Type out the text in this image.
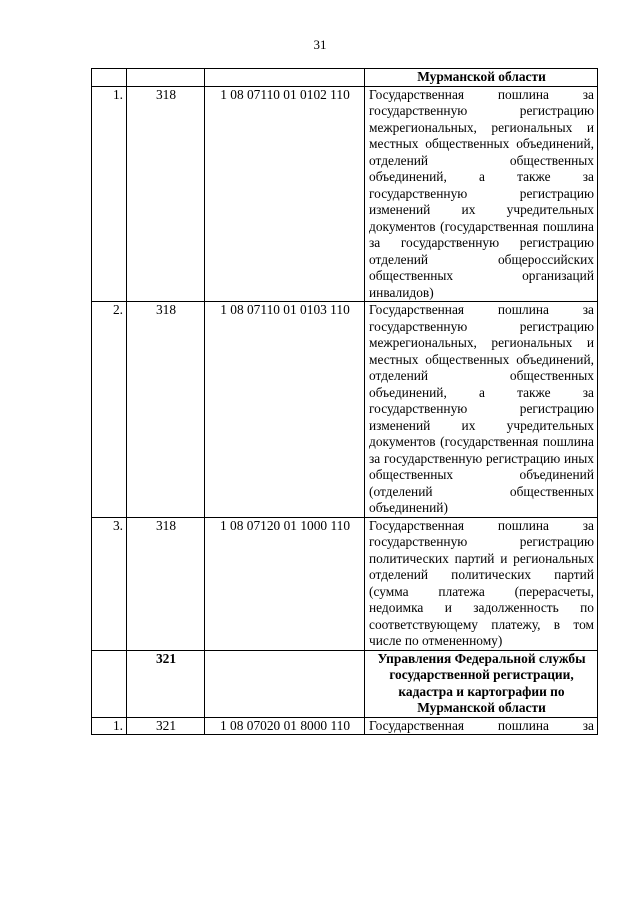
31
			Мурманской области
1.	318	1 08 07110 01 0102 110	Государственная пошлина за государственную регистрацию межрегиональных, региональных и местных общественных объединений, отделений общественных объединений, а также за государственную регистрацию изменений их учредительных документов (государственная пошлина за государственную регистрацию отделений общероссийских общественных организаций инвалидов)
2.	318	1 08 07110 01 0103 110	Государственная пошлина за государственную регистрацию межрегиональных, региональных и местных общественных объединений, отделений общественных объединений, а также за государственную регистрацию изменений их учредительных документов (государственная пошлина за государственную регистрацию иных общественных объединений (отделений общественных объединений)
3.	318	1 08 07120 01 1000 110	Государственная пошлина за государственную регистрацию политических партий и региональных отделений политических партий (сумма платежа (перерасчеты, недоимка и задолженность по соответствующему платежу, в том числе по отмененному)
	321		Управления Федеральной службы государственной регистрации, кадастра и картографии по Мурманской области
1.	321	1 08 07020 01 8000 110	Государственная пошлина за
